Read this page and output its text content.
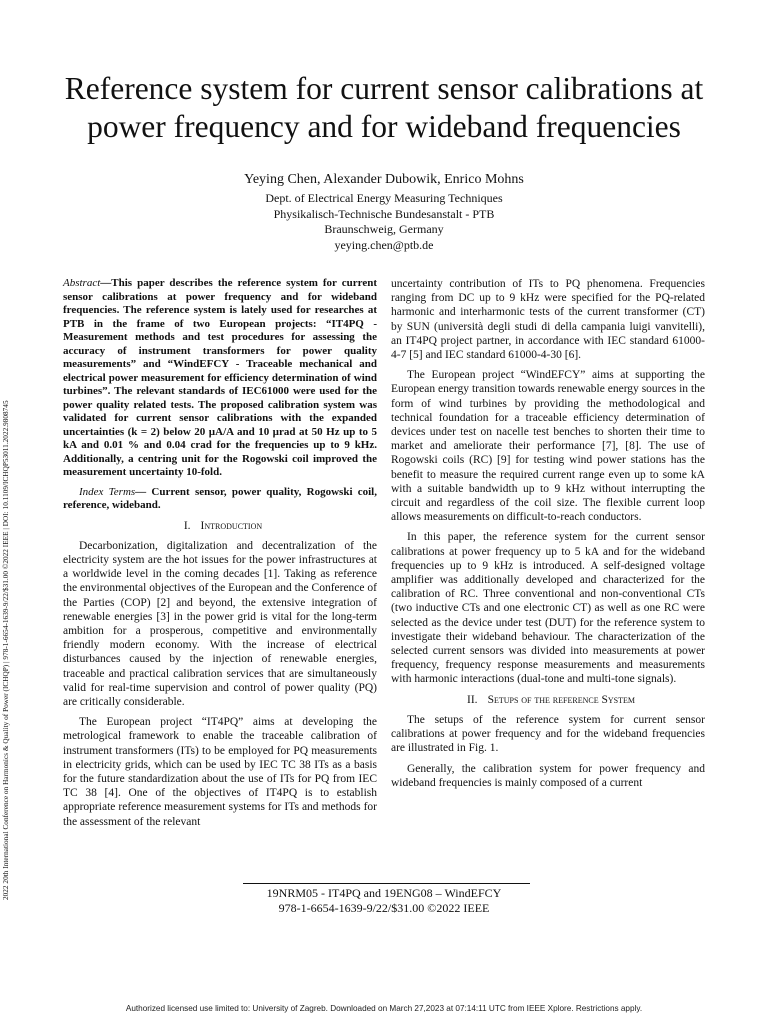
2022 20th International Conference on Harmonics & Quality of Power (ICHQP) | 978-1-6654-1639-9/22/$31.00 ©2022 IEEE | DOI: 10.1109/ICHQP53011.2022.9808745
Reference system for current sensor calibrations at power frequency and for wideband frequencies
Yeying Chen, Alexander Dubowik, Enrico Mohns
Dept. of Electrical Energy Measuring Techniques
Physikalisch-Technische Bundesanstalt - PTB
Braunschweig, Germany
yeying.chen@ptb.de

Abstract—This paper describes the reference system for current sensor calibrations at power frequency and for wideband frequencies. The reference system is lately used for researches at PTB in the frame of two European projects: “IT4PQ - Measurement methods and test procedures for assessing the accuracy of instrument transformers for power quality measurements” and “WindEFCY - Traceable mechanical and electrical power measurement for efficiency determination of wind turbines”. The relevant standards of IEC61000 were used for the power quality related tests. The proposed calibration system was validated for current sensor calibrations with the expanded uncertainties (k = 2) below 20 µA/A and 10 µrad at 50 Hz up to 5 kA and 0.01 % and 0.04 crad for the frequencies up to 9 kHz. Additionally, a centring unit for the Rogowski coil improved the measurement uncertainty 10-fold.

Index Terms— Current sensor, power quality, Rogowski coil, reference, wideband.

I. Introduction

Decarbonization, digitalization and decentralization of the electricity system are the hot issues for the power infrastructures at a worldwide level in the coming decades [1]. Taking as reference the environmental objectives of the European and the Conference of the Parties (COP) [2] and beyond, the extensive integration of renewable energies [3] in the power grid is vital for the long-term ambition for a prosperous, competitive and environmentally friendly modern economy. With the increase of electrical disturbances caused by the injection of renewable energies, traceable and practical calibration services that are simultaneously valid for real-time supervision and control of power quality (PQ) are critically considerable.

The European project “IT4PQ” aims at developing the metrological framework to enable the traceable calibration of instrument transformers (ITs) to be employed for PQ measurements in electricity grids, which can be used by IEC TC 38 ITs as a basis for the future standardization about the use of ITs for PQ from IEC TC 38 [4]. One of the objectives of IT4PQ is to establish appropriate reference measurement systems for ITs and methods for the assessment of the relevant

uncertainty contribution of ITs to PQ phenomena. Frequencies ranging from DC up to 9 kHz were specified for the PQ-related harmonic and interharmonic tests of the current transformer (CT) by SUN (università degli studi di della campania luigi vanvitelli), an IT4PQ project partner, in accordance with IEC standard 61000-4-7 [5] and IEC standard 61000-4-30 [6].

The European project “WindEFCY” aims at supporting the European energy transition towards renewable energy sources in the form of wind turbines by providing the methodological and technical foundation for a traceable efficiency determination of devices under test on nacelle test benches to shorten their time to market and ameliorate their performance [7], [8]. The use of Rogowski coils (RC) [9] for testing wind power stations has the benefit to measure the required current range even up to some kA with a suitable bandwidth up to 9 kHz without interrupting the circuit and regardless of the coil size. The flexible current loop allows measurements on difficult-to-reach conductors.

In this paper, the reference system for the current sensor calibrations at power frequency up to 5 kA and for the wideband frequencies up to 9 kHz is introduced. A self-designed voltage amplifier was additionally developed and characterized for the calibration of RC. Three conventional and non-conventional CTs (two inductive CTs and one electronic CT) as well as one RC were selected as the device under test (DUT) for the reference system to investigate their wideband behaviour. The characterization of the selected current sensors was divided into measurements at power frequency, frequency response measurements and measurements with harmonic interactions (dual-tone and multi-tone signals).

II. Setups of the reference System

The setups of the reference system for current sensor calibrations at power frequency and for the wideband frequencies are illustrated in Fig. 1.

Generally, the calibration system for power frequency and wideband frequencies is mainly composed of a current

19NRM05 - IT4PQ and 19ENG08 – WindEFCY
978-1-6654-1639-9/22/$31.00 ©2022 IEEE
Authorized licensed use limited to: University of Zagreb. Downloaded on March 27,2023 at 07:14:11 UTC from IEEE Xplore. Restrictions apply.
